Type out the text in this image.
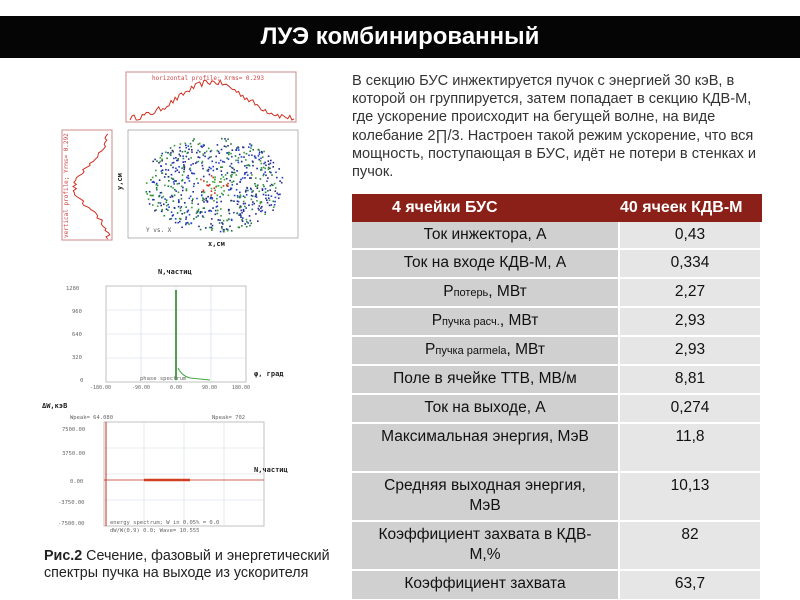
ЛУЭ комбинированный
В секцию БУС инжектируется пучок с энергией 30 кэВ, в которой он группируется, затем попадает в секцию КДВ-М, где ускорение происходит на бегущей волне, на виде колебание 2∏/3. Настроен такой режим ускорение, что вся мощность, поступающая в БУС, идёт не потери в стенках и пучок.
4 ячейки БУС	40 ячеек КДВ-М
Ток инжектора, А	0,43
Ток на входе КДВ-М, А	0,334
Pпотерь, МВт	2,27
Pпучка расч., МВт	2,93
Pпучка parmela, МВт	2,93
Поле в ячейке ТТВ, МВ/м	8,81
Ток на выходе, А	0,274
Максимальная энергия, МэВ	11,8
Средняя выходная энергия, МэВ	10,13
Коэффициент захвата в КДВ-М,%	82
Коэффициент захвата	63,7
horizontal profile; Xrms= 0.293
vertical profile; Yrms= 0.292	y,см
x,см
Y vs. X
N,частиц
1280
960
640
320
0
-180.00	-90.00	0.00	90.00	180.00
phase spectrum
φ, град
ΔW,кэВ
7500.00
3750.00
0.00
-3750.00
-7500.00
Wpeak= 64.080	Npeak= 702
N,частиц
energy spectrum; W in 0.05% = 0.0
dW/W(0.9) 0.0; Wave= 10.555
Рис.2 Сечение, фазовый и энергетический спектры пучка на выходе из ускорителя
